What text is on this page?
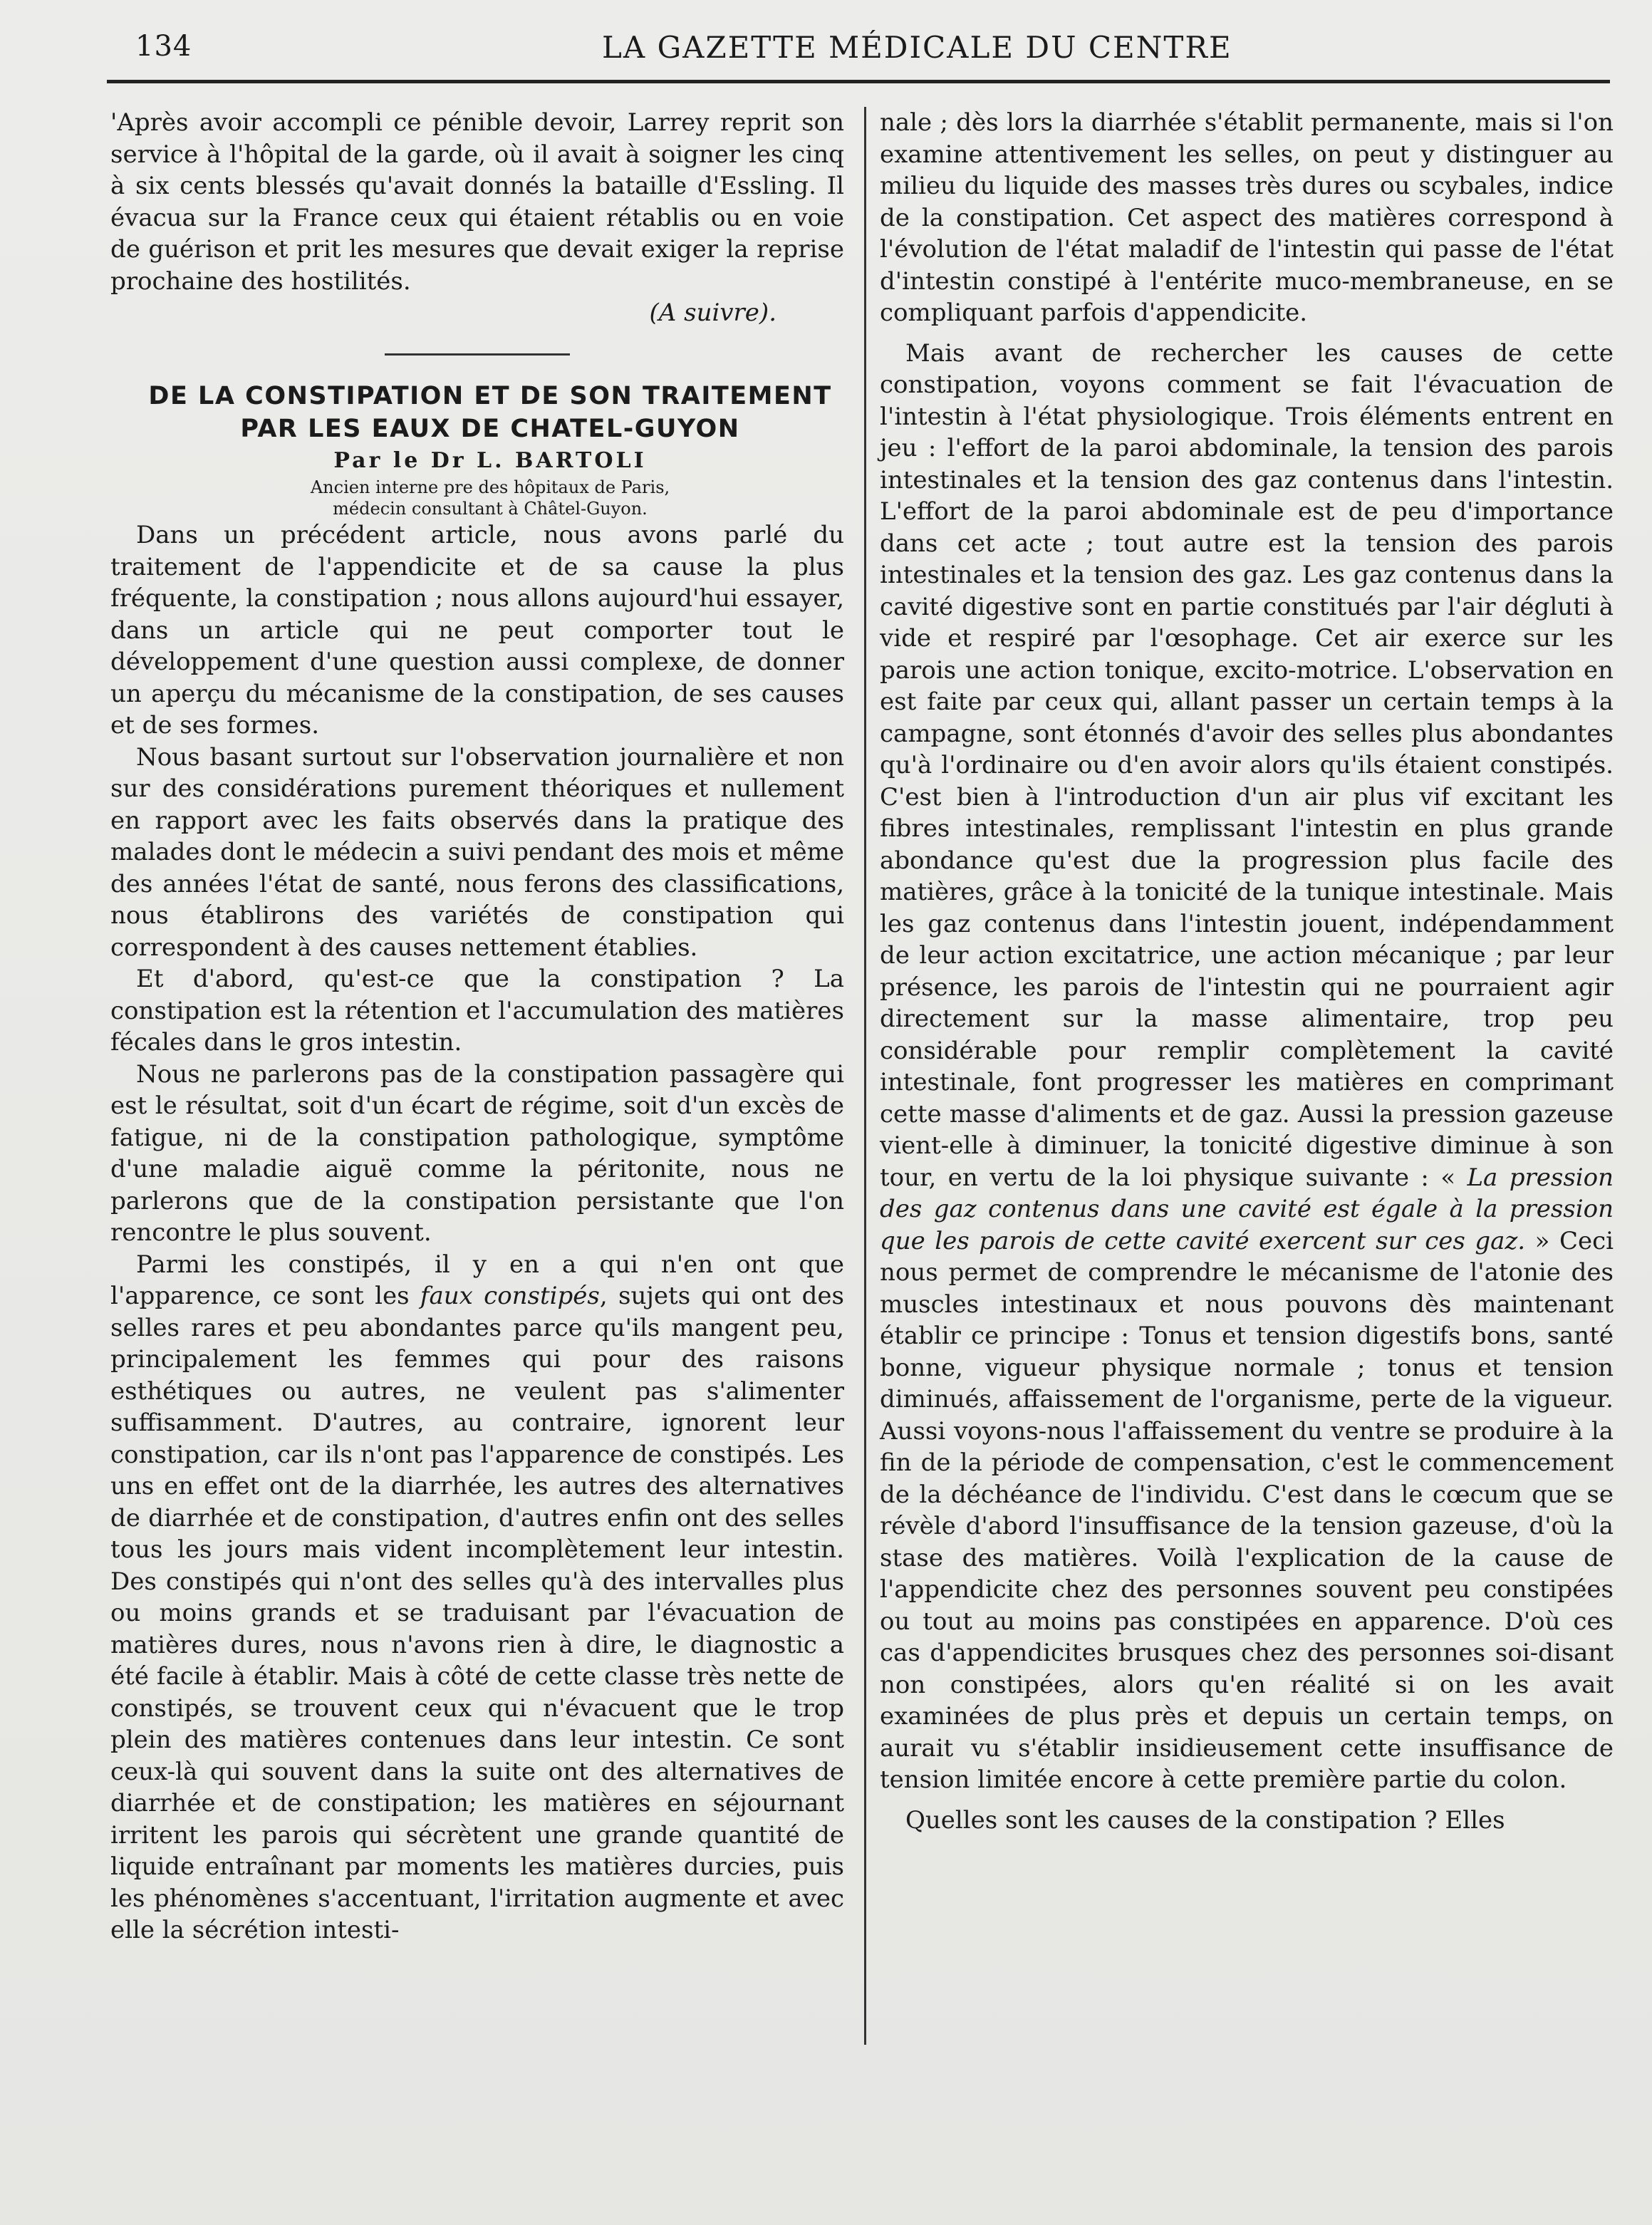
134	LA GAZETTE MÉDICALE DU CENTRE

'Après avoir accompli ce pénible devoir, Larrey reprit son service à l'hôpital de la garde, où il avait à soigner les cinq à six cents blessés qu'avait donnés la bataille d'Essling. Il évacua sur la France ceux qui étaient rétablis ou en voie de guérison et prit les mesures que devait exiger la reprise prochaine des hostilités.

(A suivre).

DE LA CONSTIPATION ET DE SON TRAITEMENT

PAR LES EAUX DE CHATEL-GUYON

Par le Dr L. BARTOLI

Ancien interne pre des hôpitaux de Paris,

médecin consultant à Châtel-Guyon.

Dans un précédent article, nous avons parlé du traitement de l'appendicite et de sa cause la plus fréquente, la constipation ; nous allons aujourd'hui essayer, dans un article qui ne peut comporter tout le développement d'une question aussi complexe, de donner un aperçu du mécanisme de la constipation, de ses causes et de ses formes.

Nous basant surtout sur l'observation journalière et non sur des considérations purement théoriques et nullement en rapport avec les faits observés dans la pratique des malades dont le médecin a suivi pendant des mois et même des années l'état de santé, nous ferons des classifications, nous établirons des variétés de constipation qui correspondent à des causes nettement établies.

Et d'abord, qu'est-ce que la constipation ? La constipation est la rétention et l'accumulation des matières fécales dans le gros intestin.

Nous ne parlerons pas de la constipation passagère qui est le résultat, soit d'un écart de régime, soit d'un excès de fatigue, ni de la constipation pathologique, symptôme d'une maladie aiguë comme la péritonite, nous ne parlerons que de la constipation persistante que l'on rencontre le plus souvent.

Parmi les constipés, il y en a qui n'en ont que l'apparence, ce sont les faux constipés, sujets qui ont des selles rares et peu abondantes parce qu'ils mangent peu, principalement les femmes qui pour des raisons esthétiques ou autres, ne veulent pas s'alimenter suffisamment. D'autres, au contraire, ignorent leur constipation, car ils n'ont pas l'apparence de constipés. Les uns en effet ont de la diarrhée, les autres des alternatives de diarrhée et de constipation, d'autres enfin ont des selles tous les jours mais vident incomplètement leur intestin. Des constipés qui n'ont des selles qu'à des intervalles plus ou moins grands et se traduisant par l'évacuation de matières dures, nous n'avons rien à dire, le diagnostic a été facile à établir. Mais à côté de cette classe très nette de constipés, se trouvent ceux qui n'évacuent que le trop plein des matières contenues dans leur intestin. Ce sont ceux-là qui souvent dans la suite ont des alternatives de diarrhée et de constipation; les matières en séjournant irritent les parois qui sécrètent une grande quantité de liquide entraînant par moments les matières durcies, puis les phénomènes s'accentuant, l'irritation augmente et avec elle la sécrétion intesti-

nale ; dès lors la diarrhée s'établit permanente, mais si l'on examine attentivement les selles, on peut y distinguer au milieu du liquide des masses très dures ou scybales, indice de la constipation. Cet aspect des matières correspond à l'évolution de l'état maladif de l'intestin qui passe de l'état d'intestin constipé à l'entérite muco-membraneuse, en se compliquant parfois d'appendicite.

Mais avant de rechercher les causes de cette constipation, voyons comment se fait l'évacuation de l'intestin à l'état physiologique. Trois éléments entrent en jeu : l'effort de la paroi abdominale, la tension des parois intestinales et la tension des gaz contenus dans l'intestin. L'effort de la paroi abdominale est de peu d'importance dans cet acte ; tout autre est la tension des parois intestinales et la tension des gaz. Les gaz contenus dans la cavité digestive sont en partie constitués par l'air dégluti à vide et respiré par l'œsophage. Cet air exerce sur les parois une action tonique, excito-motrice. L'observation en est faite par ceux qui, allant passer un certain temps à la campagne, sont étonnés d'avoir des selles plus abondantes qu'à l'ordinaire ou d'en avoir alors qu'ils étaient constipés. C'est bien à l'introduction d'un air plus vif excitant les fibres intestinales, remplissant l'intestin en plus grande abondance qu'est due la progression plus facile des matières, grâce à la tonicité de la tunique intestinale. Mais les gaz contenus dans l'intestin jouent, indépendamment de leur action excitatrice, une action mécanique ; par leur présence, les parois de l'intestin qui ne pourraient agir directement sur la masse alimentaire, trop peu considérable pour remplir complètement la cavité intestinale, font progresser les matières en comprimant cette masse d'aliments et de gaz. Aussi la pression gazeuse vient-elle à diminuer, la tonicité digestive diminue à son tour, en vertu de la loi physique suivante : « La pression des gaz contenus dans une cavité est égale à la pression que les parois de cette cavité exercent sur ces gaz. » Ceci nous permet de comprendre le mécanisme de l'atonie des muscles intestinaux et nous pouvons dès maintenant établir ce principe : Tonus et tension digestifs bons, santé bonne, vigueur physique normale ; tonus et tension diminués, affaissement de l'organisme, perte de la vigueur. Aussi voyons-nous l'affaissement du ventre se produire à la fin de la période de compensation, c'est le commencement de la déchéance de l'individu. C'est dans le cœcum que se révèle d'abord l'insuffisance de la tension gazeuse, d'où la stase des matières. Voilà l'explication de la cause de l'appendicite chez des personnes souvent peu constipées ou tout au moins pas constipées en apparence. D'où ces cas d'appendicites brusques chez des personnes soi-disant non constipées, alors qu'en réalité si on les avait examinées de plus près et depuis un certain temps, on aurait vu s'établir insidieusement cette insuffisance de tension limitée encore à cette première partie du colon.

Quelles sont les causes de la constipation ? Elles
